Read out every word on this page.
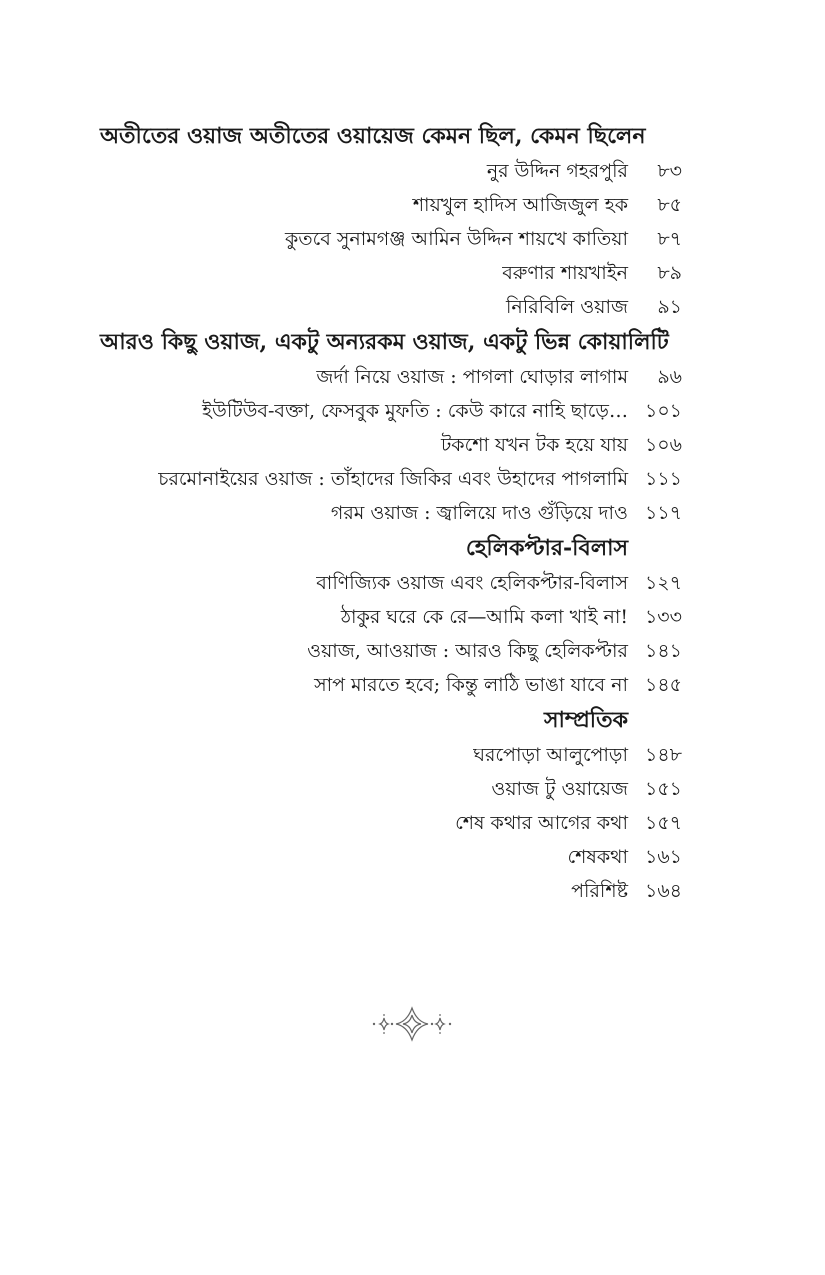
অতীতের ওয়াজ অতীতের ওয়ায়েজ কেমন ছিল, কেমন ছিলেন
নুর উদ্দিন গহরপুরি	৮৩
শায়খুল হাদিস আজিজুল হক	৮৫
কুতবে সুনামগঞ্জ আমিন উদ্দিন শায়খে কাতিয়া	৮৭
বরুণার শায়খাইন	৮৯
নিরিবিলি ওয়াজ	৯১
আরও কিছু ওয়াজ, একটু অন্যরকম ওয়াজ, একটু ভিন্ন কোয়ালিটি
জর্দা নিয়ে ওয়াজ : পাগলা ঘোড়ার লাগাম	৯৬
ইউটিউব-বক্তা, ফেসবুক মুফতি : কেউ কারে নাহি ছাড়ে… ১০১
টকশো যখন টক হয়ে যায় ১০৬
চরমোনাইয়ের ওয়াজ : তাঁহাদের জিকির এবং উহাদের পাগলামি ১১১
গরম ওয়াজ : জ্বালিয়ে দাও গুঁড়িয়ে দাও ১১৭
হেলিকপ্টার-বিলাস
বাণিজ্যিক ওয়াজ এবং হেলিকপ্টার-বিলাস ১২৭
ঠাকুর ঘরে কে রে—আমি কলা খাই না! ১৩৩
ওয়াজ, আওয়াজ : আরও কিছু হেলিকপ্টার ১৪১
সাপ মারতে হবে; কিন্তু লাঠি ভাঙা যাবে না ১৪৫
সাম্প্রতিক
ঘরপোড়া আলুপোড়া ১৪৮
ওয়াজ টু ওয়ায়েজ ১৫১
শেষ কথার আগের কথা ১৫৭
শেষকথা ১৬১
পরিশিষ্ট ১৬৪
